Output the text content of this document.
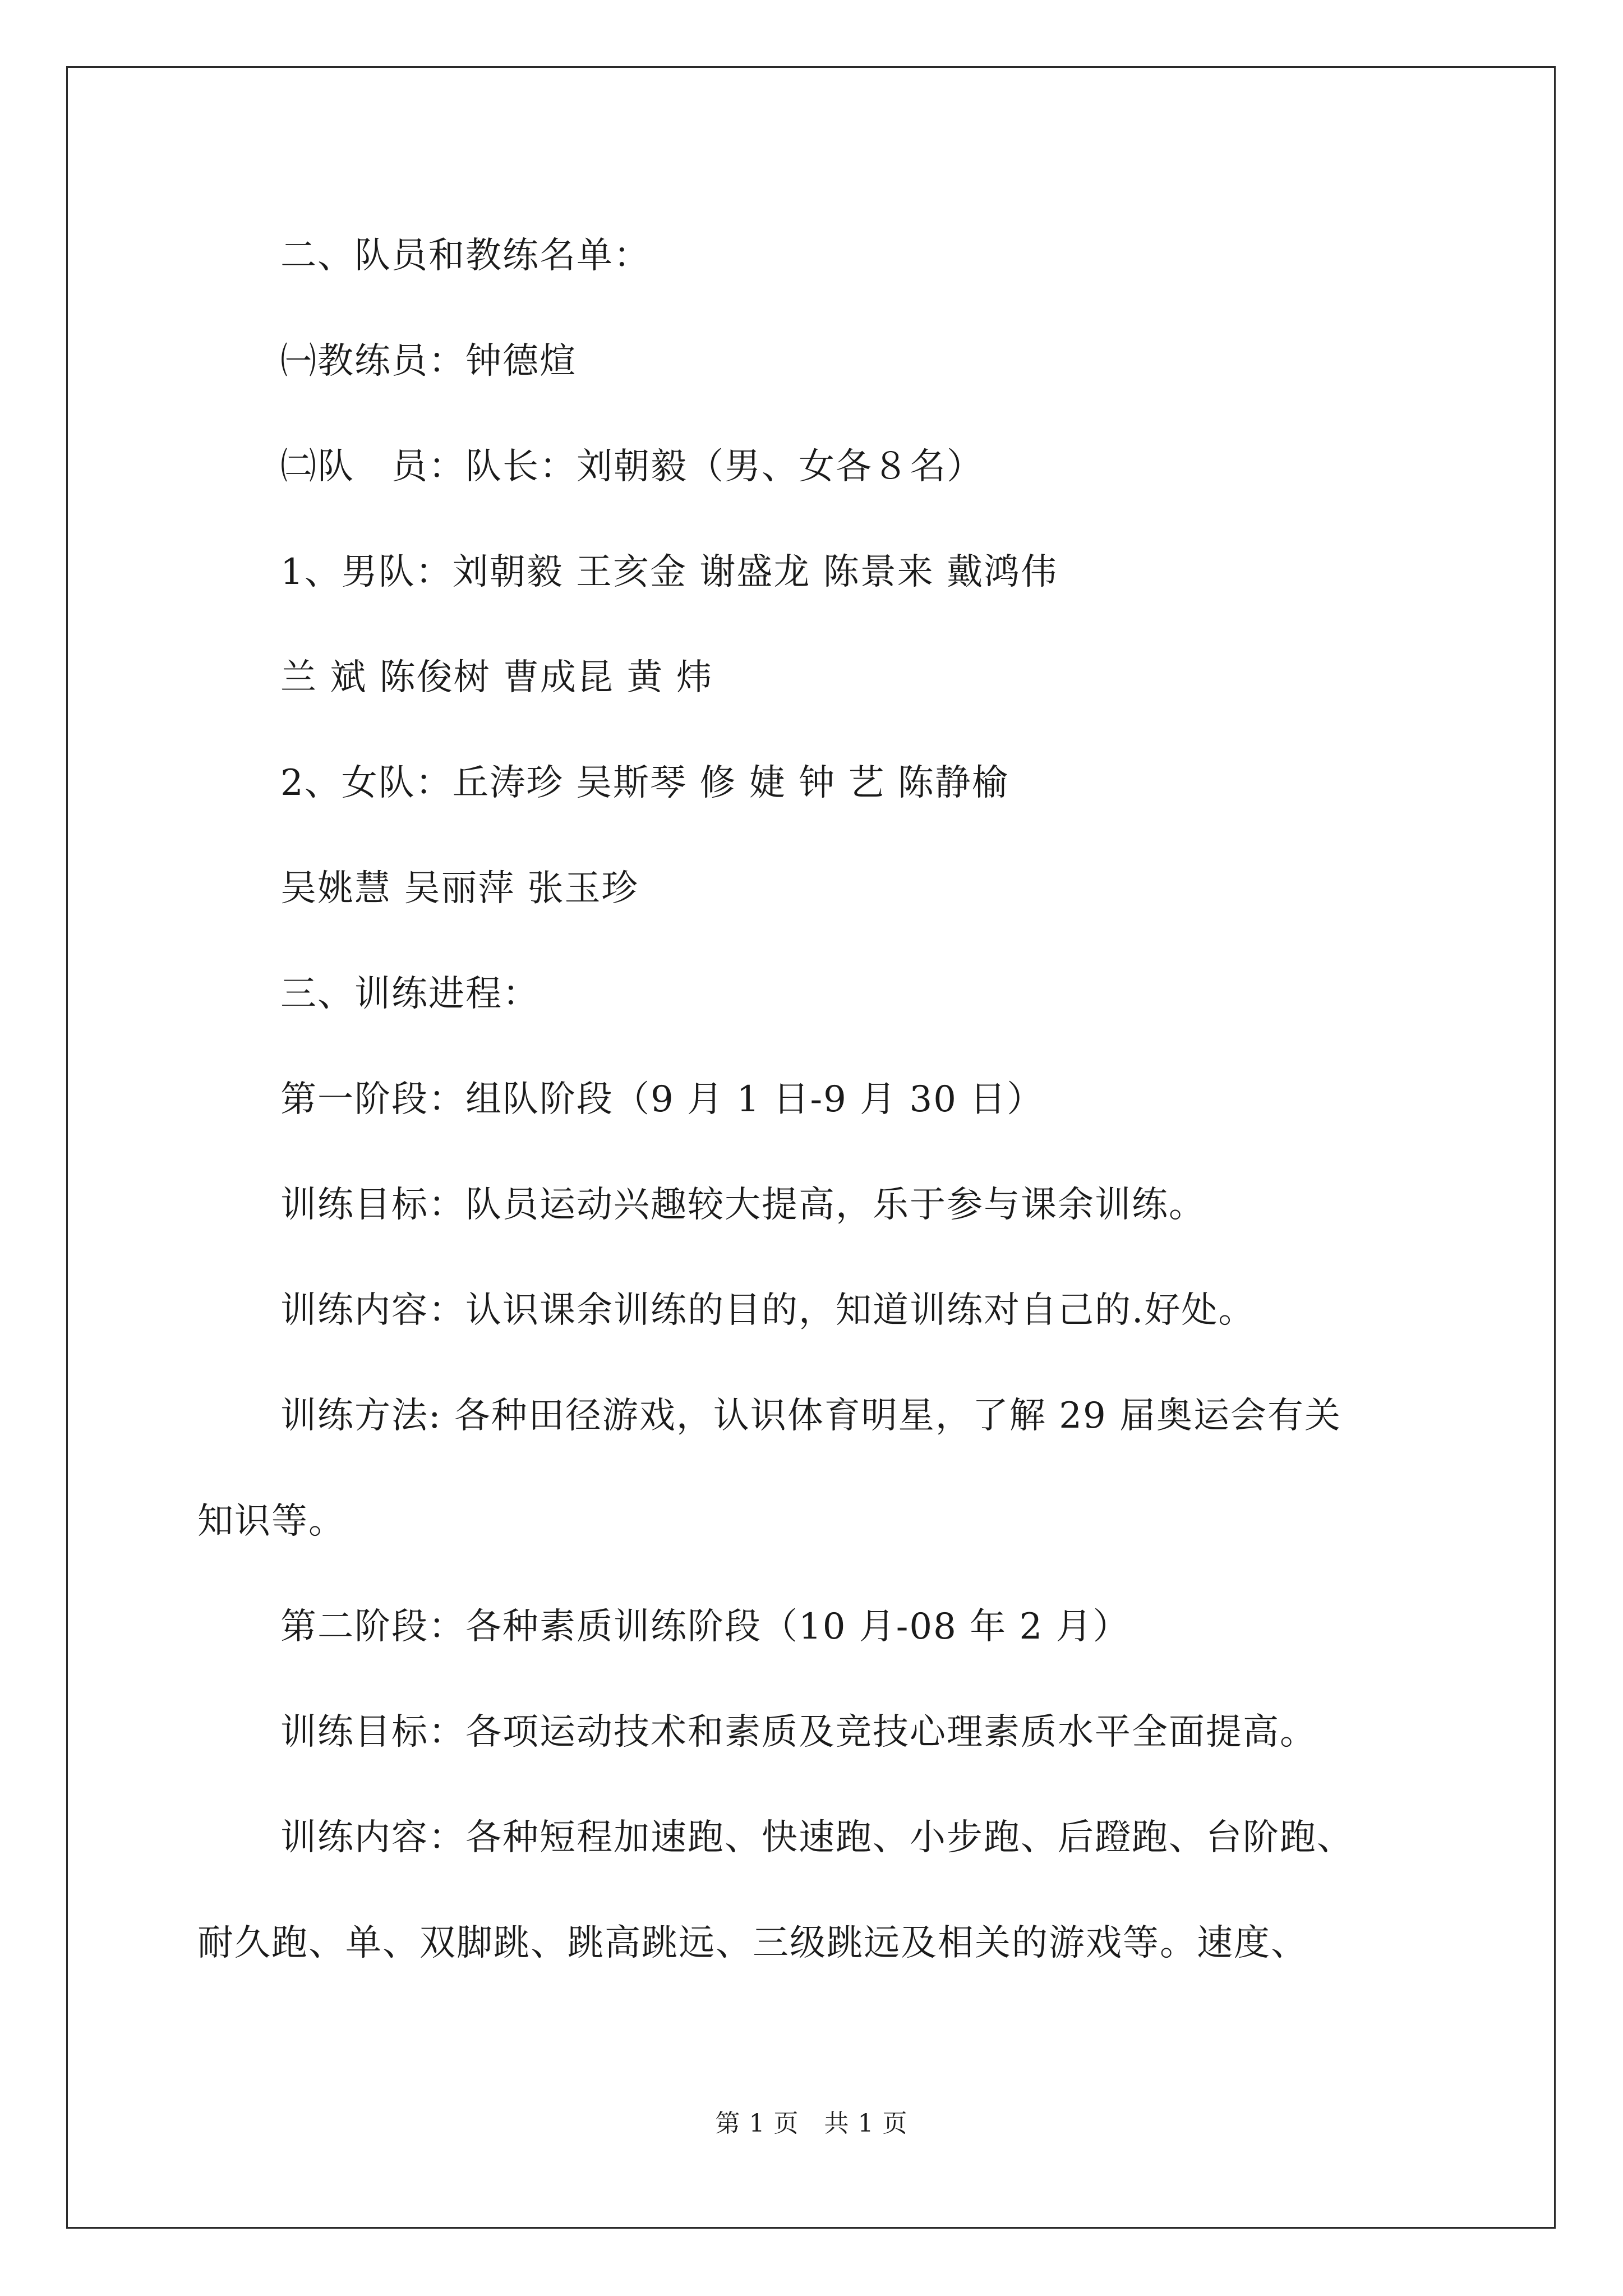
二、队员和教练名单：
㈠教练员：钟德煊
㈡队　员：队长：刘朝毅（男、女各８名）
1、男队：刘朝毅 王亥金 谢盛龙 陈景来 戴鸿伟
兰 斌 陈俊树 曹成昆 黄 炜
2、女队：丘涛珍 吴斯琴 修 婕 钟 艺 陈静榆
吴姚慧 吴丽萍 张玉珍
三、训练进程：
第一阶段：组队阶段（9 月 1 日-9 月 30 日）
训练目标：队员运动兴趣较大提高，乐于参与课余训练。
训练内容：认识课余训练的目的，知道训练对自己的.好处。
训练方法: 各种田径游戏，认识体育明星，了解 29 届奥运会有关
知识等。
第二阶段：各种素质训练阶段（10 月-08 年 2 月）
训练目标：各项运动技术和素质及竞技心理素质水平全面提高。
训练内容：各种短程加速跑、快速跑、小步跑、后蹬跑、台阶跑、
耐久跑、单、双脚跳、跳高跳远、三级跳远及相关的游戏等。速度、
第 1 页　共 1 页
